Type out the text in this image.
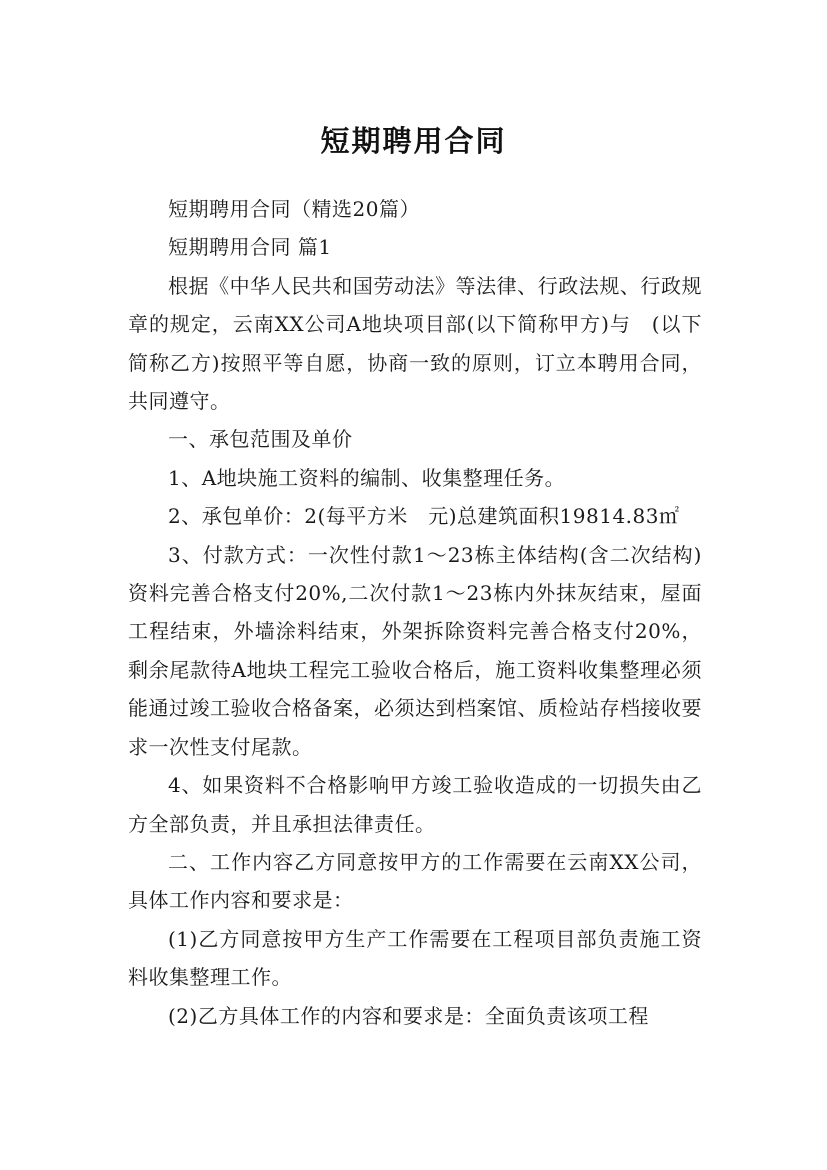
短期聘用合同

短期聘用合同（精选20篇）

短期聘用合同 篇1

根据《中华人民共和国劳动法》等法律、行政法规、行政规章的规定，云南XX公司A地块项目部(以下简称甲方)与　(以下简称乙方)按照平等自愿，协商一致的原则，订立本聘用合同，共同遵守。

一、承包范围及单价

1、A地块施工资料的编制、收集整理任务。

2、承包单价：2(每平方米　元)总建筑面积19814.83㎡

3、付款方式：一次性付款1～23栋主体结构(含二次结构)资料完善合格支付20%,二次付款1～23栋内外抹灰结束，屋面工程结束，外墙涂料结束，外架拆除资料完善合格支付20%，剩余尾款待A地块工程完工验收合格后，施工资料收集整理必须能通过竣工验收合格备案，必须达到档案馆、质检站存档接收要求一次性支付尾款。

4、如果资料不合格影响甲方竣工验收造成的一切损失由乙方全部负责，并且承担法律责任。

二、工作内容乙方同意按甲方的工作需要在云南XX公司，具体工作内容和要求是：

(1)乙方同意按甲方生产工作需要在工程项目部负责施工资料收集整理工作。

(2)乙方具体工作的内容和要求是：全面负责该项工程
